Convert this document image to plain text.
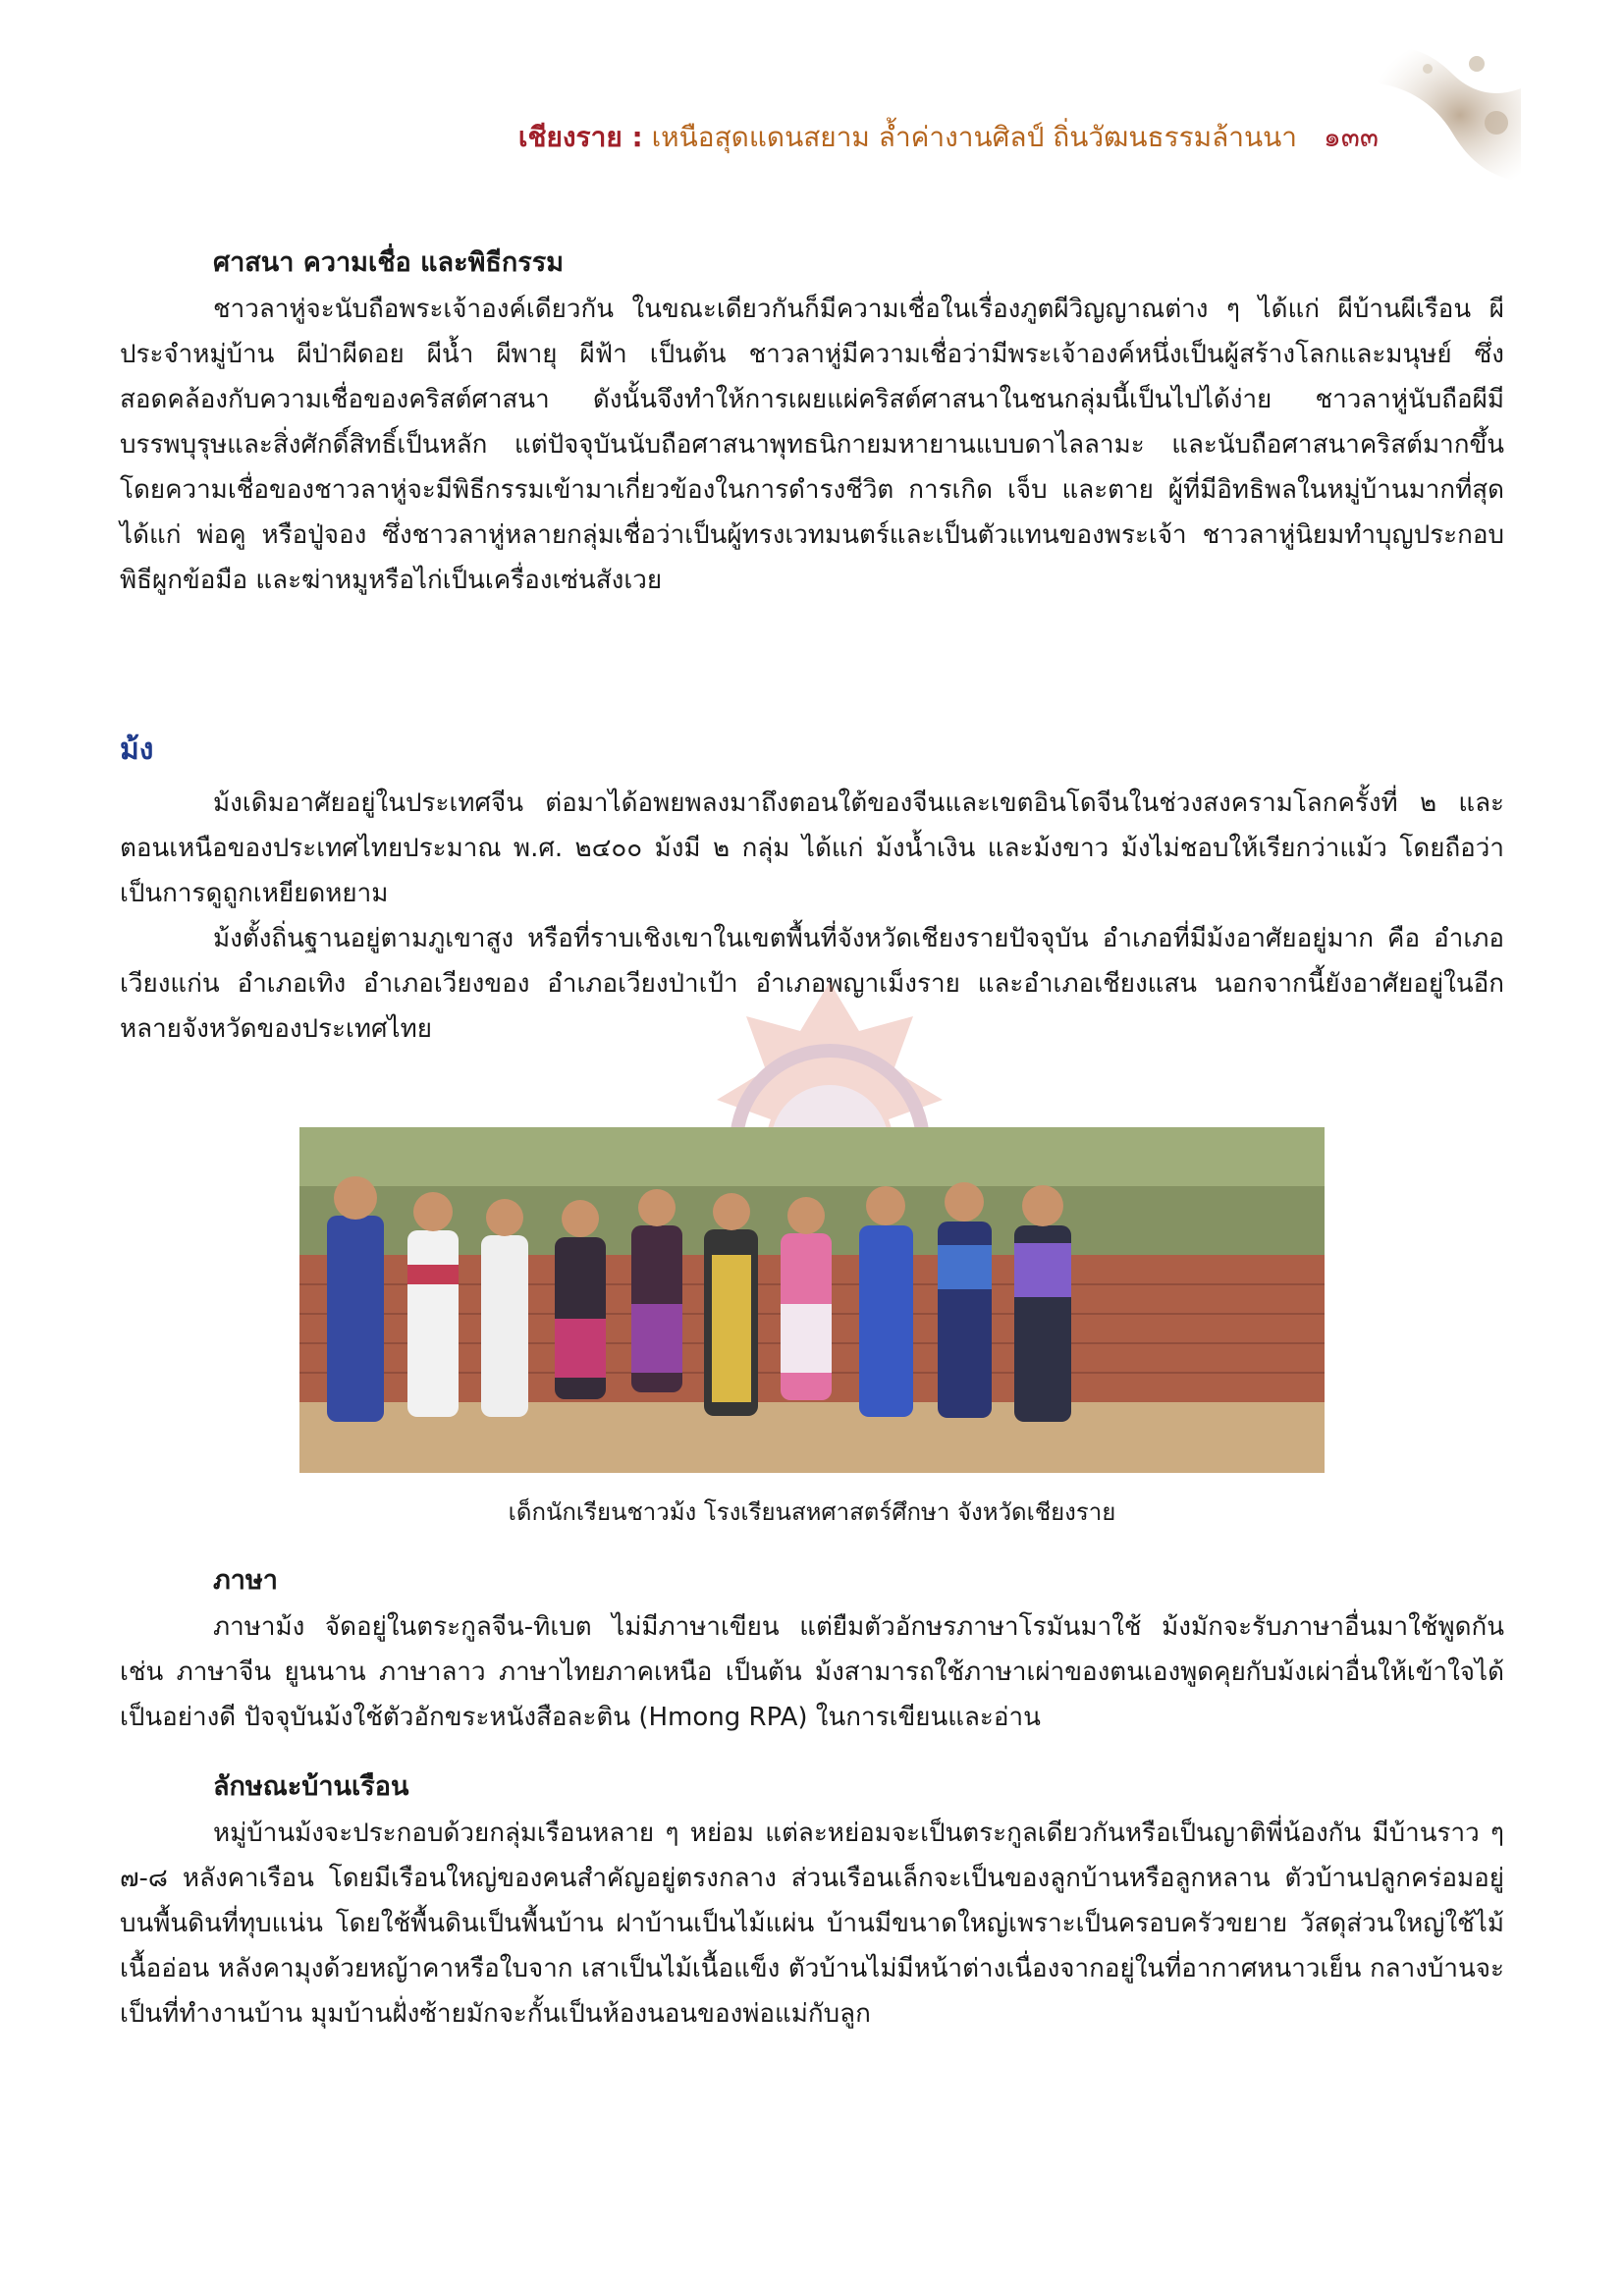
เชียงราย : เหนือสุดแดนสยาม ล้ำค่างานศิลป์ ถิ่นวัฒนธรรมล้านนา ๑๓๓
ศาสนา ความเชื่อ และพิธีกรรม

ชาวลาหู่จะนับถือพระเจ้าองค์เดียวกัน ในขณะเดียวกันก็มีความเชื่อในเรื่องภูตผีวิญญาณต่าง ๆ ได้แก่ ผีบ้านผีเรือน ผีประจำหมู่บ้าน ผีป่าผีดอย ผีน้ำ ผีพายุ ผีฟ้า เป็นต้น ชาวลาหู่มีความเชื่อว่ามีพระเจ้าองค์หนึ่งเป็นผู้สร้างโลกและมนุษย์ ซึ่งสอดคล้องกับความเชื่อของคริสต์ศาสนา ดังนั้นจึงทำให้การเผยแผ่คริสต์ศาสนาในชนกลุ่มนี้เป็นไปได้ง่าย ชาวลาหู่นับถือผีมีบรรพบุรุษและสิ่งศักดิ์สิทธิ์เป็นหลัก แต่ปัจจุบันนับถือศาสนาพุทธนิกายมหายานแบบดาไลลามะ และนับถือศาสนาคริสต์มากขึ้น โดยความเชื่อของชาวลาหู่จะมีพิธีกรรมเข้ามาเกี่ยวข้องในการดำรงชีวิต การเกิด เจ็บ และตาย ผู้ที่มีอิทธิพลในหมู่บ้านมากที่สุด ได้แก่ พ่อคู หรือปู่จอง ซึ่งชาวลาหู่หลายกลุ่มเชื่อว่าเป็นผู้ทรงเวทมนตร์และเป็นตัวแทนของพระเจ้า ชาวลาหู่นิยมทำบุญประกอบพิธีผูกข้อมือ และฆ่าหมูหรือไก่เป็นเครื่องเซ่นสังเวย

ม้ง

ม้งเดิมอาศัยอยู่ในประเทศจีน ต่อมาได้อพยพลงมาถึงตอนใต้ของจีนและเขตอินโดจีนในช่วงสงครามโลกครั้งที่ ๒ และตอนเหนือของประเทศไทยประมาณ พ.ศ. ๒๔๐๐ ม้งมี ๒ กลุ่ม ได้แก่ ม้งน้ำเงิน และม้งขาว ม้งไม่ชอบให้เรียกว่าแม้ว โดยถือว่าเป็นการดูถูกเหยียดหยาม

ม้งตั้งถิ่นฐานอยู่ตามภูเขาสูง หรือที่ราบเชิงเขาในเขตพื้นที่จังหวัดเชียงรายปัจจุบัน อำเภอที่มีม้งอาศัยอยู่มาก คือ อำเภอเวียงแก่น อำเภอเทิง อำเภอเวียงของ อำเภอเวียงป่าเป้า อำเภอพญาเม็งราย และอำเภอเชียงแสน นอกจากนี้ยังอาศัยอยู่ในอีกหลายจังหวัดของประเทศไทย

เด็กนักเรียนชาวม้ง โรงเรียนสหศาสตร์ศึกษา จังหวัดเชียงราย
ภาษา

ภาษาม้ง จัดอยู่ในตระกูลจีน-ทิเบต ไม่มีภาษาเขียน แต่ยืมตัวอักษรภาษาโรมันมาใช้ ม้งมักจะรับภาษาอื่นมาใช้พูดกัน เช่น ภาษาจีน ยูนนาน ภาษาลาว ภาษาไทยภาคเหนือ เป็นต้น ม้งสามารถใช้ภาษาเผ่าของตนเองพูดคุยกับม้งเผ่าอื่นให้เข้าใจได้เป็นอย่างดี ปัจจุบันม้งใช้ตัวอักขระหนังสือละติน (Hmong RPA) ในการเขียนและอ่าน

ลักษณะบ้านเรือน

หมู่บ้านม้งจะประกอบด้วยกลุ่มเรือนหลาย ๆ หย่อม แต่ละหย่อมจะเป็นตระกูลเดียวกันหรือเป็นญาติพี่น้องกัน มีบ้านราว ๆ ๗-๘ หลังคาเรือน โดยมีเรือนใหญ่ของคนสำคัญอยู่ตรงกลาง ส่วนเรือนเล็กจะเป็นของลูกบ้านหรือลูกหลาน ตัวบ้านปลูกคร่อมอยู่บนพื้นดินที่ทุบแน่น โดยใช้พื้นดินเป็นพื้นบ้าน ฝาบ้านเป็นไม้แผ่น บ้านมีขนาดใหญ่เพราะเป็นครอบครัวขยาย วัสดุส่วนใหญ่ใช้ไม้เนื้ออ่อน หลังคามุงด้วยหญ้าคาหรือใบจาก เสาเป็นไม้เนื้อแข็ง ตัวบ้านไม่มีหน้าต่างเนื่องจากอยู่ในที่อากาศหนาวเย็น กลางบ้านจะเป็นที่ทำงานบ้าน มุมบ้านฝั่งซ้ายมักจะกั้นเป็นห้องนอนของพ่อแม่กับลูก
